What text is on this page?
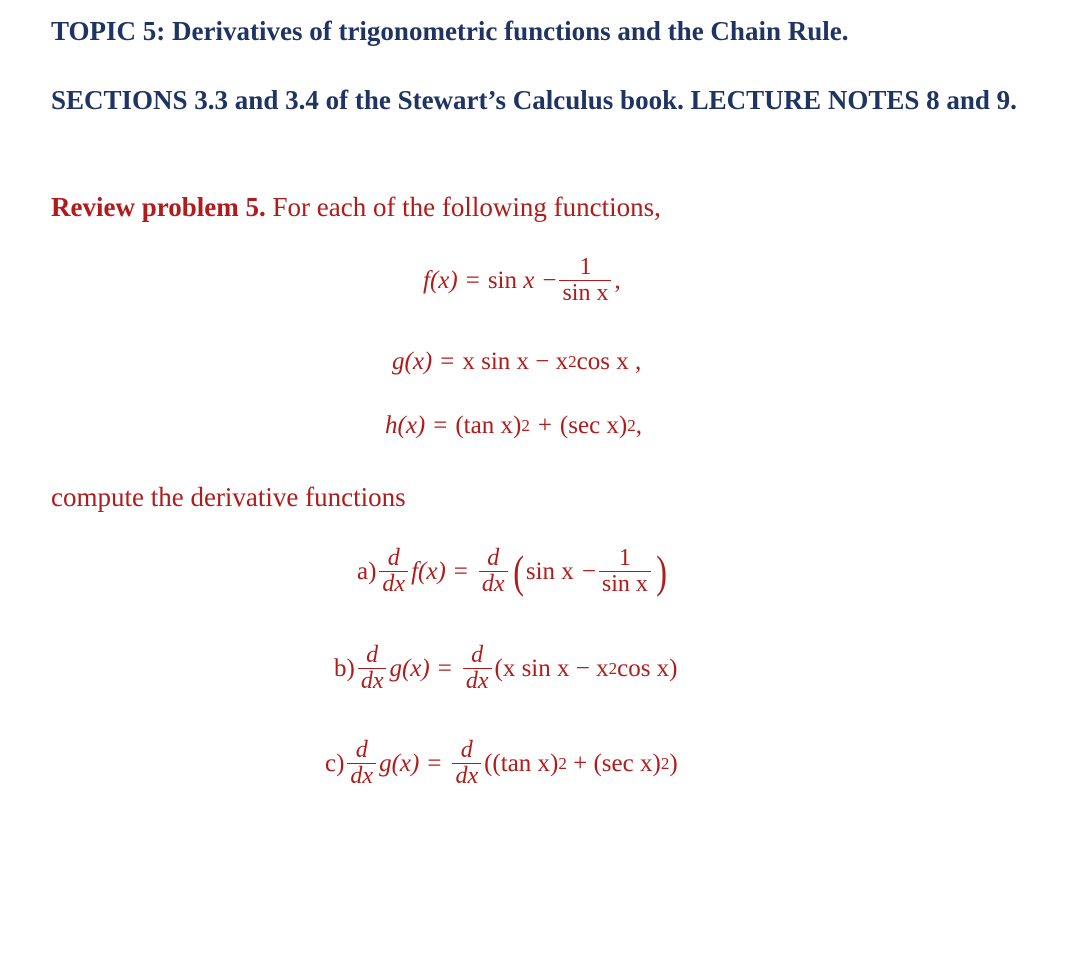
TOPIC 5: Derivatives of trigonometric functions and the Chain Rule.

SECTIONS 3.3 and 3.4 of the Stewart’s Calculus book. LECTURE NOTES 8 and 9.

Review problem 5. For each of the following functions,

f(x) = sin
$x - \frac{1}{\text{sin x}}$ ,
g(x) = x sin x − x 2 cos x ,
h(x) = (tan x) 2 + (sec x) 2 ,

compute the derivative functions

$a) \frac{d}{dx} f(x) = \frac{d}{dx}$ ( $\sin x - \frac{1}{\text{sin x}}$ )
$b) \frac{d}{dx} g(x) = \frac{d}{dx} (x$ sin x − x 2 cos x)
$c) \frac{d}{dx} g(x) = \frac{d}{dx} ((\tan$ x) 2 + (sec x) 2 )
